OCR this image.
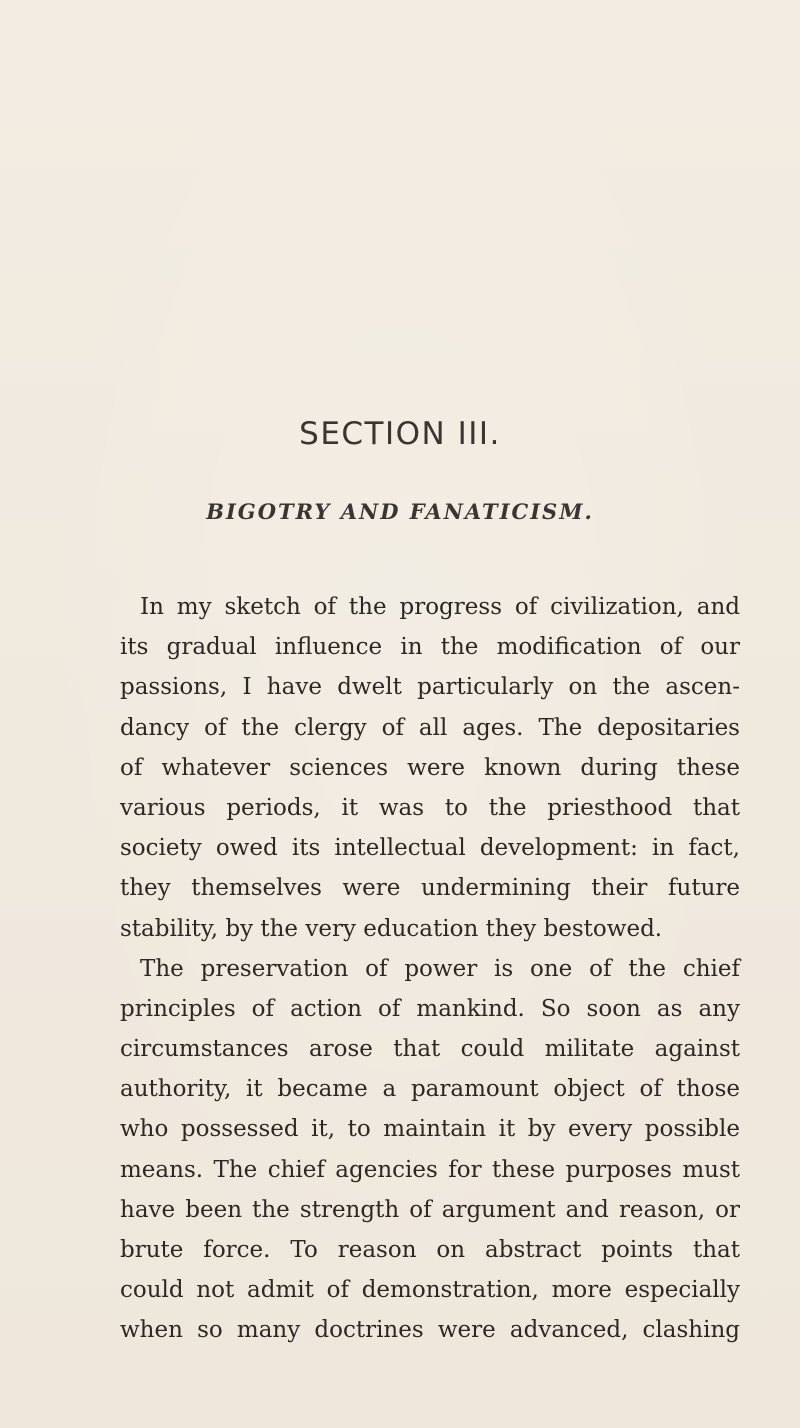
SECTION III.
BIGOTRY AND FANATICISM.
In my sketch of the progress of civilization, and
its gradual influence in the modification of our
passions, I have dwelt particularly on the ascen-
dancy of the clergy of all ages. The depositaries
of whatever sciences were known during these
various periods, it was to the priesthood that
society owed its intellectual development: in fact,
they themselves were undermining their future
stability, by the very education they bestowed.
The preservation of power is one of the chief
principles of action of mankind. So soon as any
circumstances arose that could militate against
authority, it became a paramount object of those
who possessed it, to maintain it by every possible
means. The chief agencies for these purposes must
have been the strength of argument and reason, or
brute force. To reason on abstract points that
could not admit of demonstration, more especially
when so many doctrines were advanced, clashing
